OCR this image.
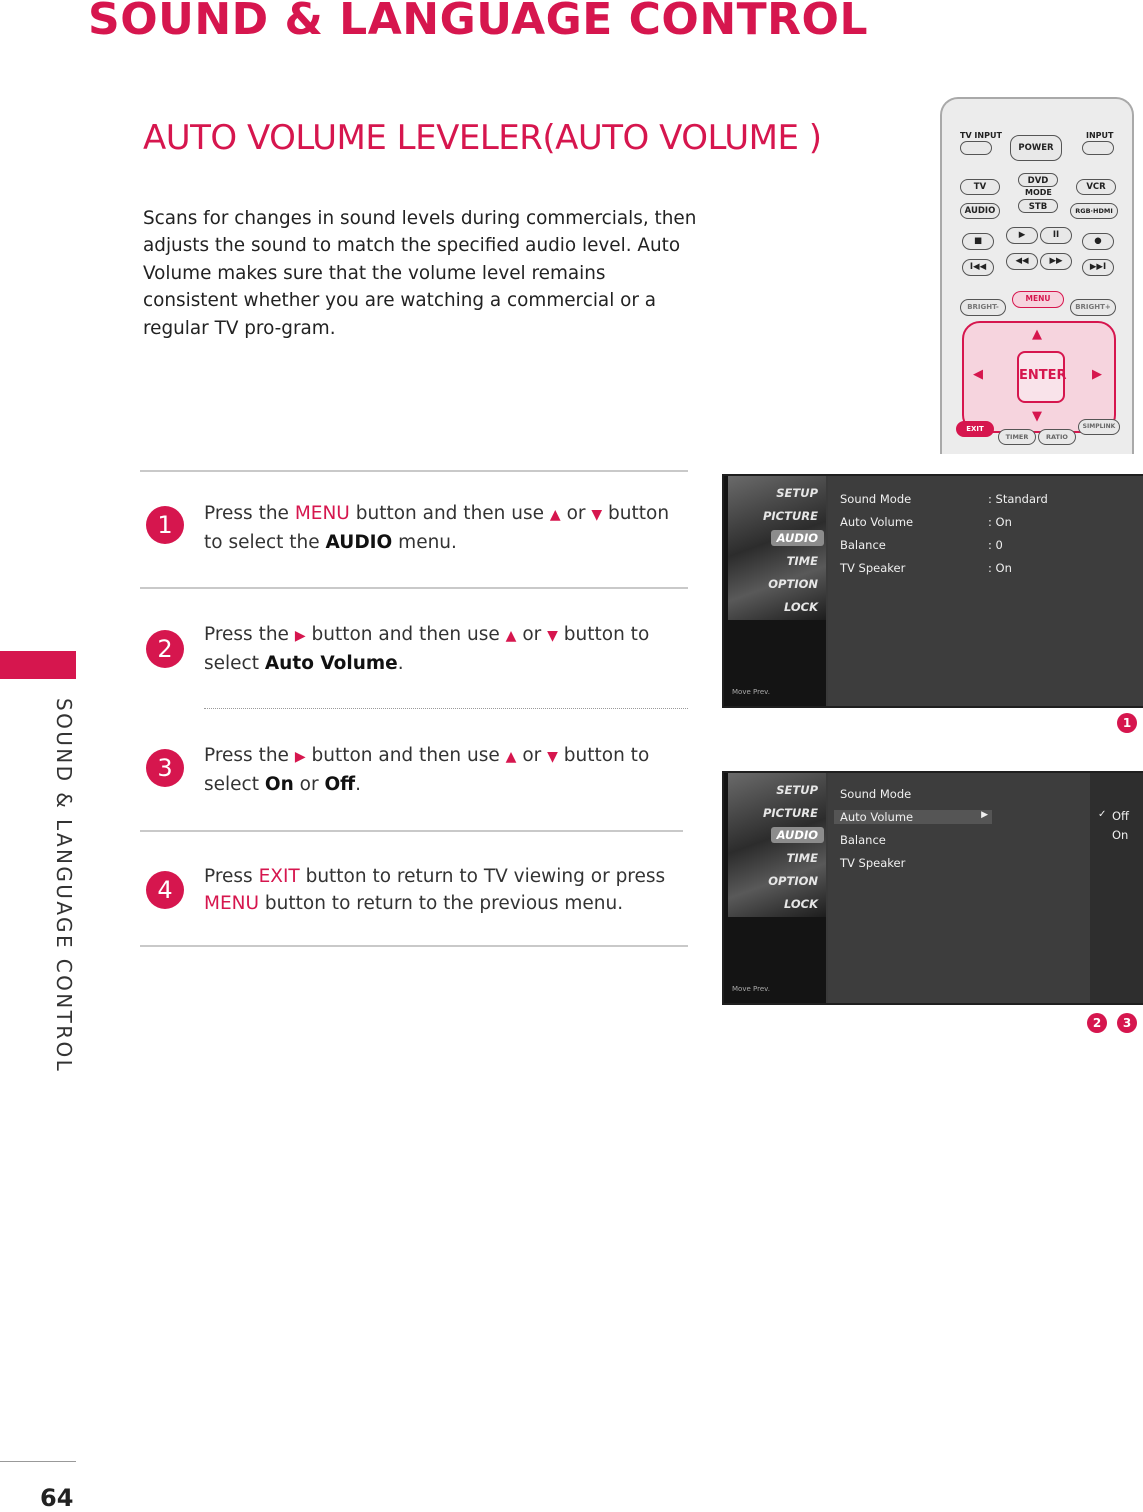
SOUND & LANGUAGE CONTROL
AUTO VOLUME LEVELER(AUTO VOLUME )
Scans for changes in sound levels during commercials, then adjusts the sound to match the specified audio level. Auto Volume makes sure that the volume level remains consistent whether you are watching a commercial or a regular TV pro-gram.
1	Press the MENU button and then use ▲ or ▼ button to select the AUDIO menu.
2
Press the ▶ button and then use ▲ or ▼ button to select Auto Volume.
3	Press the ▶ button and then use ▲ or ▼ button to select On or Off.
4	Press EXIT button to return to TV viewing or press MENU button to return to the previous menu.
SOUND & LANGUAGE CONTROL
64
TV INPUT	INPUT
POWER
TV
DVD
MODE
VCR
AUDIO	STB	RGB·HDMI
■
▶	II
●
I◀◀
◀◀	▶▶
▶▶I
BRIGHT-
MENU
BRIGHT+
▲
▼
◀	▶
ENTER
EXIT
TIMER	RATIO
SIMPLINK
SETUP
PICTURE
AUDIO
TIME
OPTION
LOCK
Move Prev.
Sound Mode	: Standard
Auto Volume	: On
Balance	: 0
TV Speaker	: On
1
SETUP
PICTURE
AUDIO
TIME
OPTION
LOCK
Move Prev.
Sound Mode
Auto Volume	▶
Balance
TV Speaker
✓ Off
On
2	3
